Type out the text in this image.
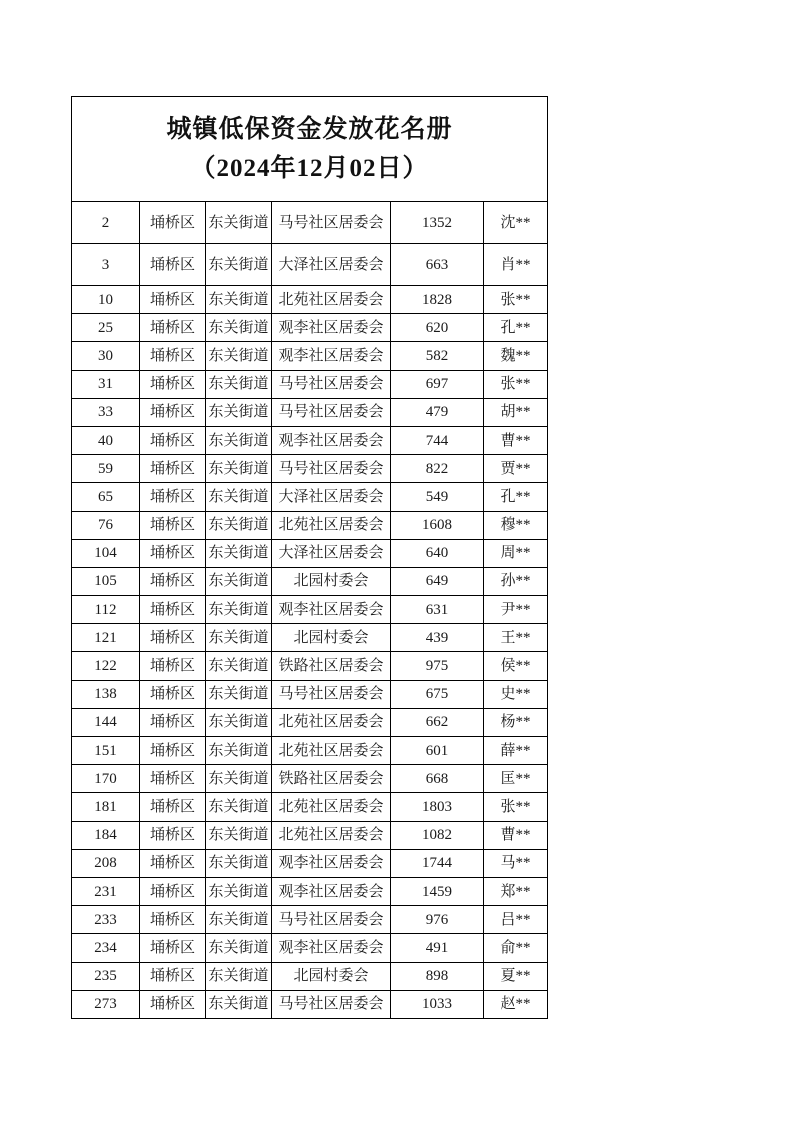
城镇低保资金发放花名册
（2024年12月02日）					

2	埇桥区	东关街道	马号社区居委会	1352	沈**
3	埇桥区	东关街道	大泽社区居委会	663	肖**
10	埇桥区	东关街道	北苑社区居委会	1828	张**
25	埇桥区	东关街道	观李社区居委会	620	孔**
30	埇桥区	东关街道	观李社区居委会	582	魏**
31	埇桥区	东关街道	马号社区居委会	697	张**
33	埇桥区	东关街道	马号社区居委会	479	胡**
40	埇桥区	东关街道	观李社区居委会	744	曹**
59	埇桥区	东关街道	马号社区居委会	822	贾**
65	埇桥区	东关街道	大泽社区居委会	549	孔**
76	埇桥区	东关街道	北苑社区居委会	1608	穆**
104	埇桥区	东关街道	大泽社区居委会	640	周**
105	埇桥区	东关街道	北园村委会	649	孙**
112	埇桥区	东关街道	观李社区居委会	631	尹**
121	埇桥区	东关街道	北园村委会	439	王**
122	埇桥区	东关街道	铁路社区居委会	975	侯**
138	埇桥区	东关街道	马号社区居委会	675	史**
144	埇桥区	东关街道	北苑社区居委会	662	杨**
151	埇桥区	东关街道	北苑社区居委会	601	薛**
170	埇桥区	东关街道	铁路社区居委会	668	匡**
181	埇桥区	东关街道	北苑社区居委会	1803	张**
184	埇桥区	东关街道	北苑社区居委会	1082	曹**
208	埇桥区	东关街道	观李社区居委会	1744	马**
231	埇桥区	东关街道	观李社区居委会	1459	郑**
233	埇桥区	东关街道	马号社区居委会	976	吕**
234	埇桥区	东关街道	观李社区居委会	491	俞**
235	埇桥区	东关街道	北园村委会	898	夏**
273	埇桥区	东关街道	马号社区居委会	1033	赵**
